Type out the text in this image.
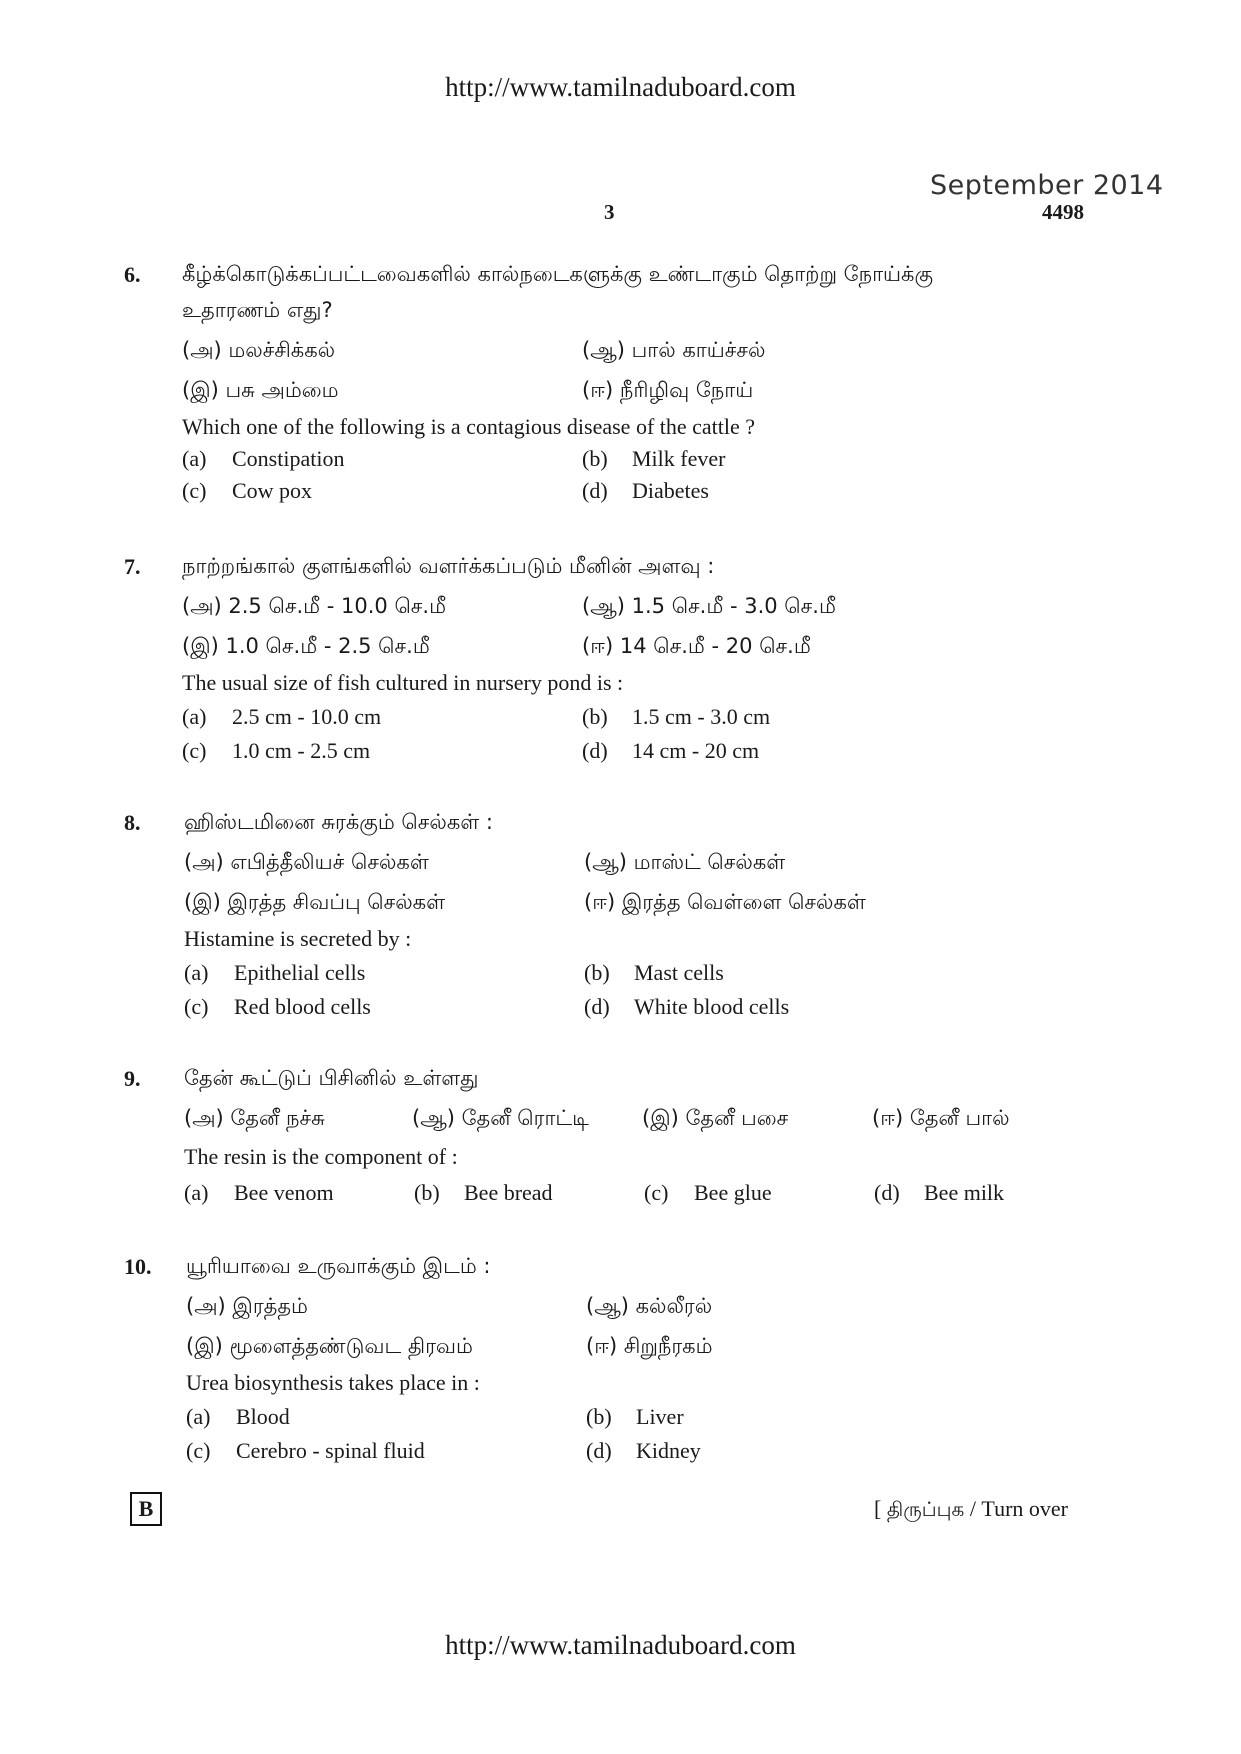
http://www.tamilnaduboard.com
September 2014
3	4498
6. கீழ்க்கொடுக்கப்பட்டவைகளில் கால்நடைகளுக்கு உண்டாகும் தொற்று நோய்க்கு
உதாரணம் எது?
(அ) மலச்சிக்கல்	(ஆ) பால் காய்ச்சல்
(இ) பசு அம்மை	(ஈ) நீரிழிவு நோய்
Which one of the following is a contagious disease of the cattle ?
(a) Constipation	(b) Milk fever
(c) Cow pox	(d) Diabetes
7. நாற்றங்கால் குளங்களில் வளர்க்கப்படும் மீனின் அளவு :
(அ) 2.5 செ.மீ - 10.0 செ.மீ	(ஆ) 1.5 செ.மீ - 3.0 செ.மீ
(இ) 1.0 செ.மீ - 2.5 செ.மீ	(ஈ) 14 செ.மீ - 20 செ.மீ
The usual size of fish cultured in nursery pond is :
(a) 2.5 cm - 10.0 cm	(b) 1.5 cm - 3.0 cm
(c) 1.0 cm - 2.5 cm	(d) 14 cm - 20 cm
8. ஹிஸ்டமினை சுரக்கும் செல்கள் :
(அ) எபித்தீலியச் செல்கள்	(ஆ) மாஸ்ட் செல்கள்
(இ) இரத்த சிவப்பு செல்கள்	(ஈ) இரத்த வெள்ளை செல்கள்
Histamine is secreted by :
(a) Epithelial cells	(b) Mast cells
(c) Red blood cells	(d) White blood cells
9. தேன் கூட்டுப் பிசினில் உள்ளது
(அ) தேனீ நச்சு	(ஆ) தேனீ ரொட்டி	(இ) தேனீ பசை	(ஈ) தேனீ பால்
The resin is the component of :
(a) Bee venom	(b) Bee bread	(c) Bee glue	(d) Bee milk
10. யூரியாவை உருவாக்கும் இடம் :
(அ) இரத்தம்	(ஆ) கல்லீரல்
(இ) மூளைத்தண்டுவட திரவம்	(ஈ) சிறுநீரகம்
Urea biosynthesis takes place in :
(a) Blood	(b) Liver
(c) Cerebro - spinal fluid	(d) Kidney
B	[ திருப்புக / Turn over
http://www.tamilnaduboard.com
